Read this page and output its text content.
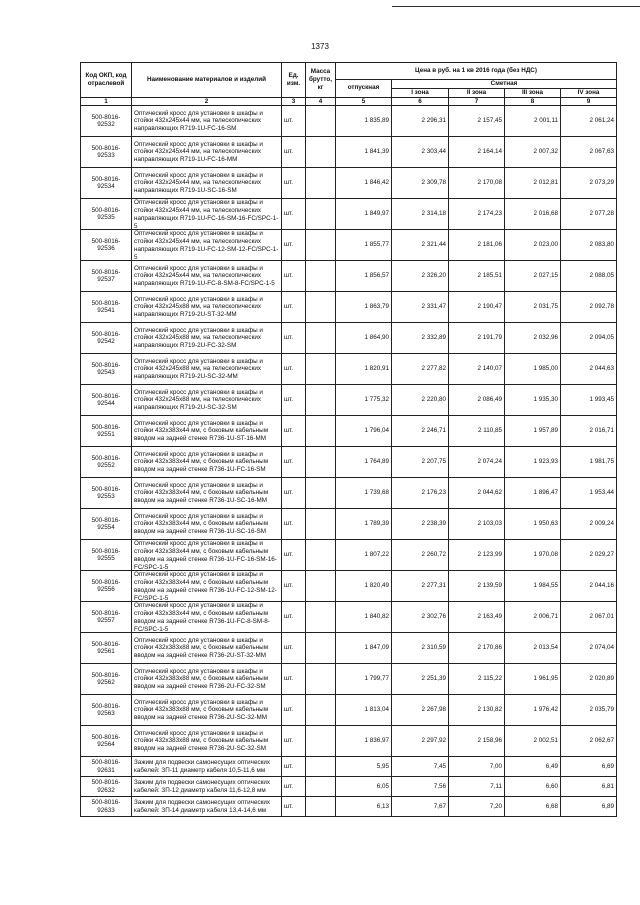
1373
Код ОКП, код отраслевой	Наименование материалов и изделий	Ед. изм.	Масса брутто, кг	Цена в руб. на 1 кв 2016 года (без НДС)				
				отпускная	Сметная			
					I зона	II зона	III зона	IV зона
1	2	3	4	5	6	7	8	9
500-8016-92532	Оптический кросс для установки в шкафы и стойки 432x245x44 мм, на телескопических направляющих R719-1U-FC-16-SM	шт.		1 835,89	2 296,31	2 157,45	2 001,11	2 061,24
500-8016-92533	Оптический кросс для установки в шкафы и стойки 432x245x44 мм, на телескопических направляющих R719-1U-FC-16-MM	шт.		1 841,39	2 303,44	2 164,14	2 007,32	2 067,63
500-8016-92534	Оптический кросс для установки в шкафы и стойки 432x245x44 мм, на телескопических направляющих R719-1U-SC-16-SM	шт.		1 846,42	2 309,78	2 170,08	2 012,81	2 073,29
500-8016-92535	Оптический кросс для установки в шкафы и стойки 432x245x44 мм, на телескопических направляющих R719-1U-FC-16-SM-16-FC/SPC-1-5	шт.		1 849,97	2 314,18	2 174,23	2 016,68	2 077,28
500-8016-92536	Оптический кросс для установки в шкафы и стойки 432x245x44 мм, на телескопических направляющих R719-1U-FC-12-SM-12-FC/SPC-1-5	шт.		1 855,77	2 321,44	2 181,06	2 023,00	2 083,80
500-8016-92537	Оптический кросс для установки в шкафы и стойки 432x245x44 мм, на телескопических направляющих R719-1U-FC-8-SM-8-FC/SPC-1-5	шт.		1 856,57	2 326,20	2 185,51	2 027,15	2 088,05
500-8016-92541	Оптический кросс для установки в шкафы и стойки 432x245x88 мм, на телескопических направляющих R719-2U-ST-32-MM	шт.		1 863,79	2 331,47	2 190,47	2 031,75	2 092,78
500-8016-92542	Оптический кросс для установки в шкафы и стойки 432x245x88 мм, на телескопических направляющих R719-2U-FC-32-SM	шт.		1 864,90	2 332,89	2 191,79	2 032,96	2 094,05
500-8016-92543	Оптический кросс для установки в шкафы и стойки 432x245x88 мм, на телескопических направляющих R719-2U-SC-32-MM	шт.		1 820,91	2 277,82	2 140,07	1 985,00	2 044,63
500-8016-92544	Оптический кросс для установки в шкафы и стойки 432x245x88 мм, на телескопических направляющих R719-2U-SC-32-SM	шт.		1 775,32	2 220,80	2 086,49	1 935,30	1 993,45
500-8016-92551	Оптический кросс для установки в шкафы и стойки 432x383x44 мм, с боковым кабельным вводом на задней стенке R736-1U-ST-16-MM	шт.		1 796,04	2 246,71	2 110,85	1 957,89	2 016,71
500-8016-92552	Оптический кросс для установки в шкафы и стойки 432x383x44 мм, с боковым кабельным вводом на задней стенке R736-1U-FC-16-SM	шт.		1 764,89	2 207,75	2 074,24	1 923,93	1 981,75
500-8016-92553	Оптический кросс для установки в шкафы и стойки 432x383x44 мм, с боковым кабельным вводом на задней стенке R736-1U-SC-16-MM	шт.		1 739,68	2 176,23	2 044,62	1 896,47	1 953,44
500-8016-92554	Оптический кросс для установки в шкафы и стойки 432x383x44 мм, с боковым кабельным вводом на задней стенке R736-1U-SC-16-SM	шт.		1 789,39	2 238,39	2 103,03	1 950,63	2 009,24
500-8016-92555	Оптический кросс для установки в шкафы и стойки 432x383x44 мм, с боковым кабельным вводом на задней стенке R736-1U-FC-16-SM-16-FC/SPC-1-5	шт.		1 807,22	2 260,72	2 123,99	1 970,08	2 029,27
500-8016-92556	Оптический кросс для установки в шкафы и стойки 432x383x44 мм, с боковым кабельным вводом на задней стенке R736-1U-FC-12-SM-12-FC/SPC-1-5	шт.		1 820,49	2 277,31	2 139,59	1 984,55	2 044,16
500-8016-92557	Оптический кросс для установки в шкафы и стойки 432x383x44 мм, с боковым кабельным вводом на задней стенке R736-1U-FC-8-SM-8-FC/SPC-1-5	шт.		1 840,82	2 302,76	2 163,49	2 006,71	2 067,01
500-8016-92561	Оптический кросс для установки в шкафы и стойки 432x383x88 мм, с боковым кабельным вводом на задней стенке R736-2U-ST-32-MM	шт.		1 847,09	2 310,59	2 170,86	2 013,54	2 074,04
500-8016-92562	Оптический кросс для установки в шкафы и стойки 432x383x88 мм, с боковым кабельным вводом на задней стенке R736-2U-FC-32-SM	шт.		1 799,77	2 251,39	2 115,22	1 961,95	2 020,89
500-8016-92563	Оптический кросс для установки в шкафы и стойки 432x383x88 мм, с боковым кабельным вводом на задней стенке R736-2U-SC-32-MM	шт.		1 813,04	2 267,98	2 130,82	1 976,42	2 035,79
500-8016-92564	Оптический кросс для установки в шкафы и стойки 432x383x88 мм, с боковым кабельным вводом на задней стенке R736-2U-SC-32-SM	шт.		1 836,97	2 297,92	2 158,96	2 002,51	2 062,67
500-8016-92631	Зажим для подвески самонесущих оптических кабелей: ЗП-11 диаметр кабеля 10,5-11,6 мм	шт.		5,95	7,45	7,00	6,49	6,69
500-8016-92632	Зажим для подвески самонесущих оптических кабелей: ЗП-12 диаметр кабеля 11,6-12,8 мм	шт.		6,05	7,56	7,11	6,60	6,81
500-8016-92633	Зажим для подвески самонесущих оптических кабелей: ЗП-14 диаметр кабеля 13,4-14,6 мм	шт.		6,13	7,67	7,20	6,68	6,89
